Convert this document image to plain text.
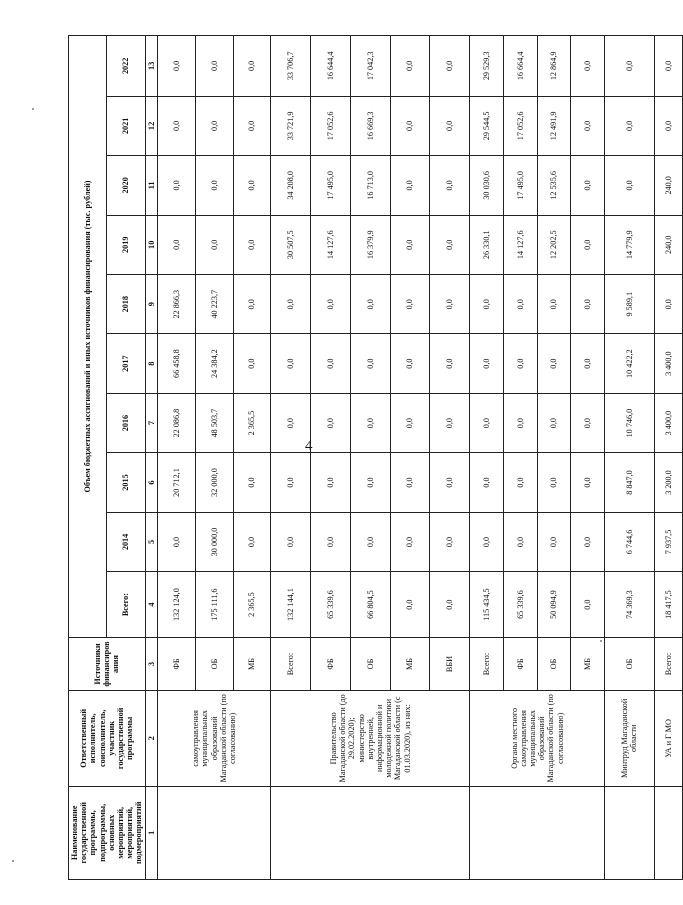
4
Наименование государственной программы, подпрограммы, основных мероприятий, мероприятий, подмероприятий	Ответственный исполнитель, соисполнитель, участник государственной программы	Источники финансирования	Объем бюджетных ассигнований и иных источников финансирования (тыс. рублей)									
			Всего:	2014	2015	2016	2017	2018	2019	2020	2021	2022
1	2	3	4	5	6	7	8	9	10	11	12	13
	самоуправления муниципальных образований Магаданской области (по согласованию)	ФБ	132 124,0	0,0	20 712,1	22 086,8	66 458,8	22 866,3	0,0	0,0	0,0	0,0
		ОБ	175 111,6	30 000,0	32 000,0	48 503,7	24 384,2	40 223,7	0,0	0,0	0,0	0,0
		МБ	2 365,5	0,0	0,0	2 365,5	0,0	0,0	0,0	0,0	0,0	0,0
	Правительство Магаданской области (до 29.02.2020); министерство внутренней, информационной и молодежной политики Магаданской области (с 01.03.2020), из них:	Всего:	132 144,1	0,0	0,0	0,0	0,0	0,0	30 507,5	34 208,0	33 721,9	33 706,7
		ФБ	65 339,6	0,0	0,0	0,0	0,0	0,0	14 127,6	17 495,0	17 052,6	16 644,4
		ОБ	66 804,5	0,0	0,0	0,0	0,0	0,0	16 379,9	16 713,0	16 669,3	17 042,3
		МБ	0,0	0,0	0,0	0,0	0,0	0,0	0,0	0,0	0,0	0,0
		ВБИ	0,0	0,0	0,0	0,0	0,0	0,0	0,0	0,0	0,0	0,0
	Органы местного самоуправления муниципальных образований Магаданской области (по согласованию)	Всего:	115 434,5	0,0	0,0	0,0	0,0	0,0	26 330,1	30 030,6	29 544,5	29 529,3
		ФБ	65 339,6	0,0	0,0	0,0	0,0	0,0	14 127,6	17 495,0	17 052,6	16 664,4
		ОБ	50 094,9	0,0	0,0	0,0	0,0	0,0	12 202,5	12 535,6	12 491,9	12 864,9
		МБ	0,0	0,0	0,0	0,0	0,0	0,0	0,0	0,0	0,0	0,0
	Минтруд Магаданской области	ОБ	74 369,3	6 744,6	8 847,0	10 746,0	10 422,2	9 589,1	14 779,9	0,0	0,0	0,0
	УА и Г МО	Всего:	18 417,5	7 937,5	3 200,0	3 400,0	3 400,0	0,0	240,0	240,0	0,0	0,0
